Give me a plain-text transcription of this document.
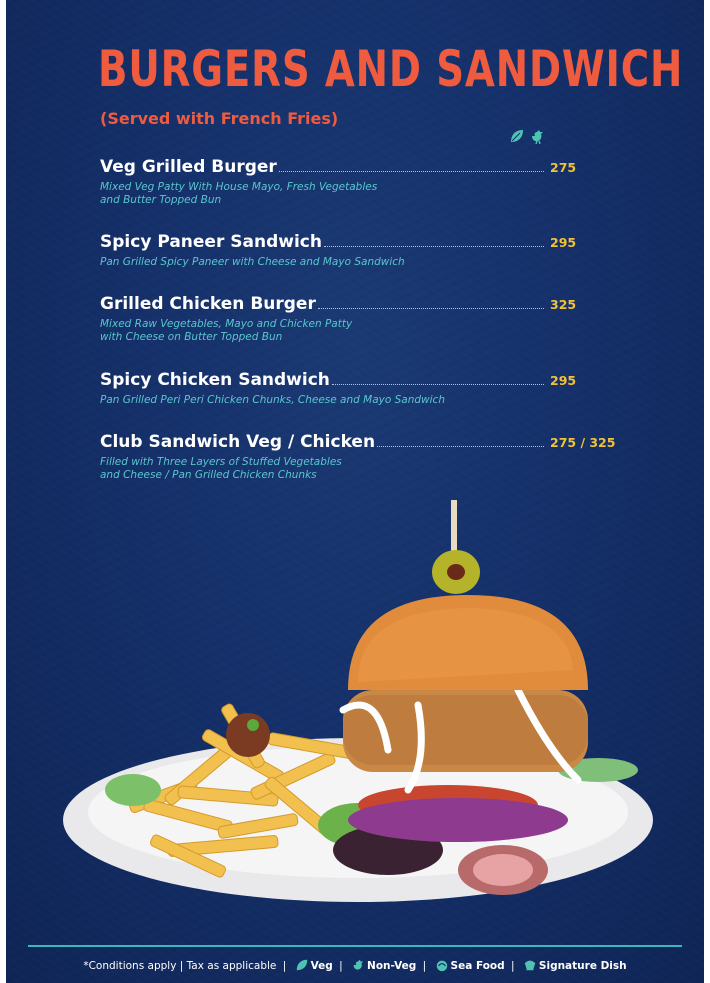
BURGERS AND SANDWICH
(Served with French Fries)
Veg Grilled Burger	275
Mixed Veg Patty With House Mayo, Fresh Vegetables
and Butter Topped Bun
Spicy Paneer Sandwich	295
Pan Grilled Spicy Paneer with Cheese and Mayo Sandwich
Grilled Chicken Burger	325
Mixed Raw Vegetables, Mayo and Chicken Patty
with Cheese on Butter Topped Bun
Spicy Chicken Sandwich	295
Pan Grilled Peri Peri Chicken Chunks, Cheese and Mayo Sandwich
Club Sandwich Veg / Chicken	275 / 325
Filled with Three Layers of Stuffed Vegetables
and Cheese / Pan Grilled Chicken Chunks
*Conditions apply | Tax as applicable | Veg | Non-Veg | Sea Food | Signature Dish
